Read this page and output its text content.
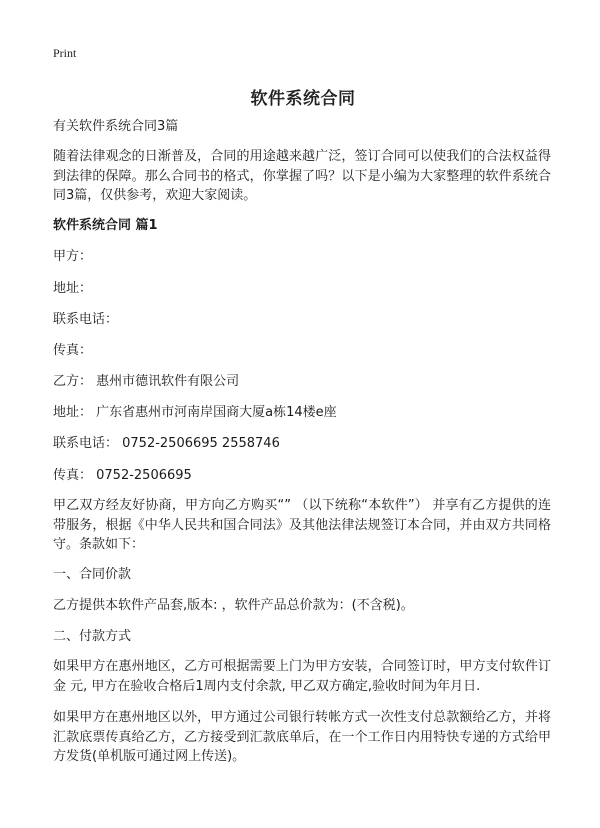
Print
软件系统合同
有关软件系统合同3篇
随着法律观念的日渐普及，合同的用途越来越广泛，签订合同可以使我们的合法权益得到法律的保障。那么合同书的格式，你掌握了吗？以下是小编为大家整理的软件系统合同3篇，仅供参考，欢迎大家阅读。
软件系统合同 篇1
甲方：
地址：
联系电话：
传真：
乙方： 惠州市德讯软件有限公司
地址： 广东省惠州市河南岸国商大厦a栋14楼e座
联系电话： 0752-2506695 2558746
传真： 0752-2506695
甲乙双方经友好协商，甲方向乙方购买“” （以下统称“本软件”） 并享有乙方提供的连带服务，根据《中华人民共和国合同法》及其他法律法规签订本合同，并由双方共同格守。条款如下：
一、合同价款
乙方提供本软件产品套,版本: ，软件产品总价款为：(不含税)。
二、付款方式
如果甲方在惠州地区，乙方可根据需要上门为甲方安装，合同签订时，甲方支付软件订金 元, 甲方在验收合格后1周内支付余款, 甲乙双方确定,验收时间为年月日.
如果甲方在惠州地区以外，甲方通过公司银行转帐方式一次性支付总款额给乙方，并将汇款底票传真给乙方，乙方接受到汇款底单后，在一个工作日内用特快专递的方式给甲方发货(单机版可通过网上传送)。
